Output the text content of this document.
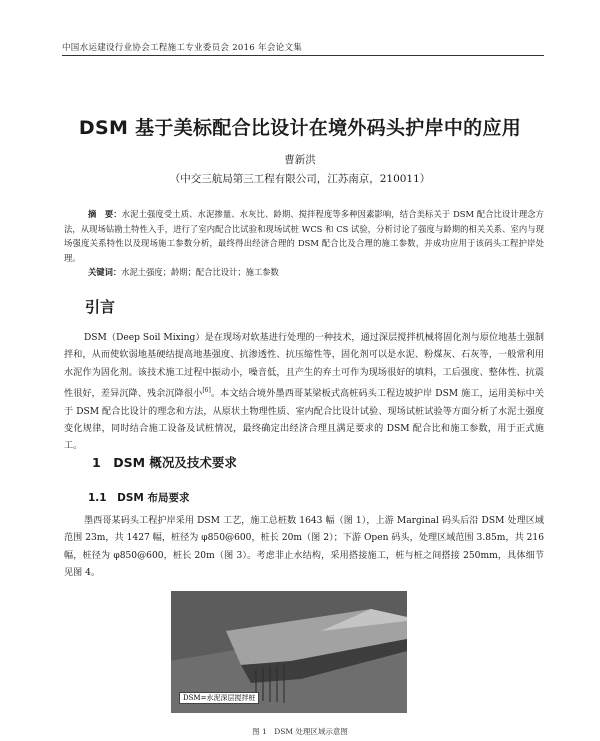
中国水运建设行业协会工程施工专业委员会 2016 年会论文集
DSM 基于美标配合比设计在境外码头护岸中的应用
曹新洪
（中交三航局第三工程有限公司，江苏南京，210011）
摘　要：水泥土强度受土质、水泥掺量、水灰比、龄期、搅拌程度等多种因素影响，结合美标关于 DSM 配合比设计理念方法，从现场钻勘土特性入手，进行了室内配合比试验和现场试桩 WCS 和 CS 试验，分析讨论了强度与龄期的相关关系、室内与现场强度关系特性以及现场施工参数分析，最终得出经济合理的 DSM 配合比及合理的施工参数，并成功应用于该码头工程护岸处理。
关键词：水泥土强度；龄期；配合比设计；施工参数
引言
DSM（Deep Soil Mixing）是在现场对软基进行处理的一种技术，通过深层搅拌机械将固化剂与原位地基土强制拌和，从而使软弱地基硬结提高地基强度、抗渗透性、抗压缩性等，固化剂可以是水泥、粉煤灰、石灰等，一般常利用水泥作为固化剂。该技术施工过程中振动小，噪音低，且产生的弃土可作为现场很好的填料，工后强度、整体性、抗震性很好，差异沉降、残余沉降很小[6]。本文结合境外墨西哥某梁板式高桩码头工程边坡护岸 DSM 施工，运用美标中关于 DSM 配合比设计的理念和方法，从原状土物理性质、室内配合比设计试验、现场试桩试验等方面分析了水泥土强度变化规律，同时结合施工设备及试桩情况，最终确定出经济合理且满足要求的 DSM 配合比和施工参数，用于正式施工。
1　DSM 概况及技术要求
1.1　DSM 布局要求
墨西哥某码头工程护岸采用 DSM 工艺，施工总桩数 1643 幅（图 1），上游 Marginal 码头后沿 DSM 处理区域范围 23m，共 1427 幅，桩径为 φ850@600，桩长 20m（图 2）；下游 Open 码头，处理区域范围 3.85m，共 216 幅，桩径为 φ850@600，桩长 20m（图 3）。考虑非止水结构，采用搭接施工，桩与桩之间搭接 250mm，具体细节见图 4。
DSM=水泥深层搅拌桩
图 1　DSM 处理区域示意图
